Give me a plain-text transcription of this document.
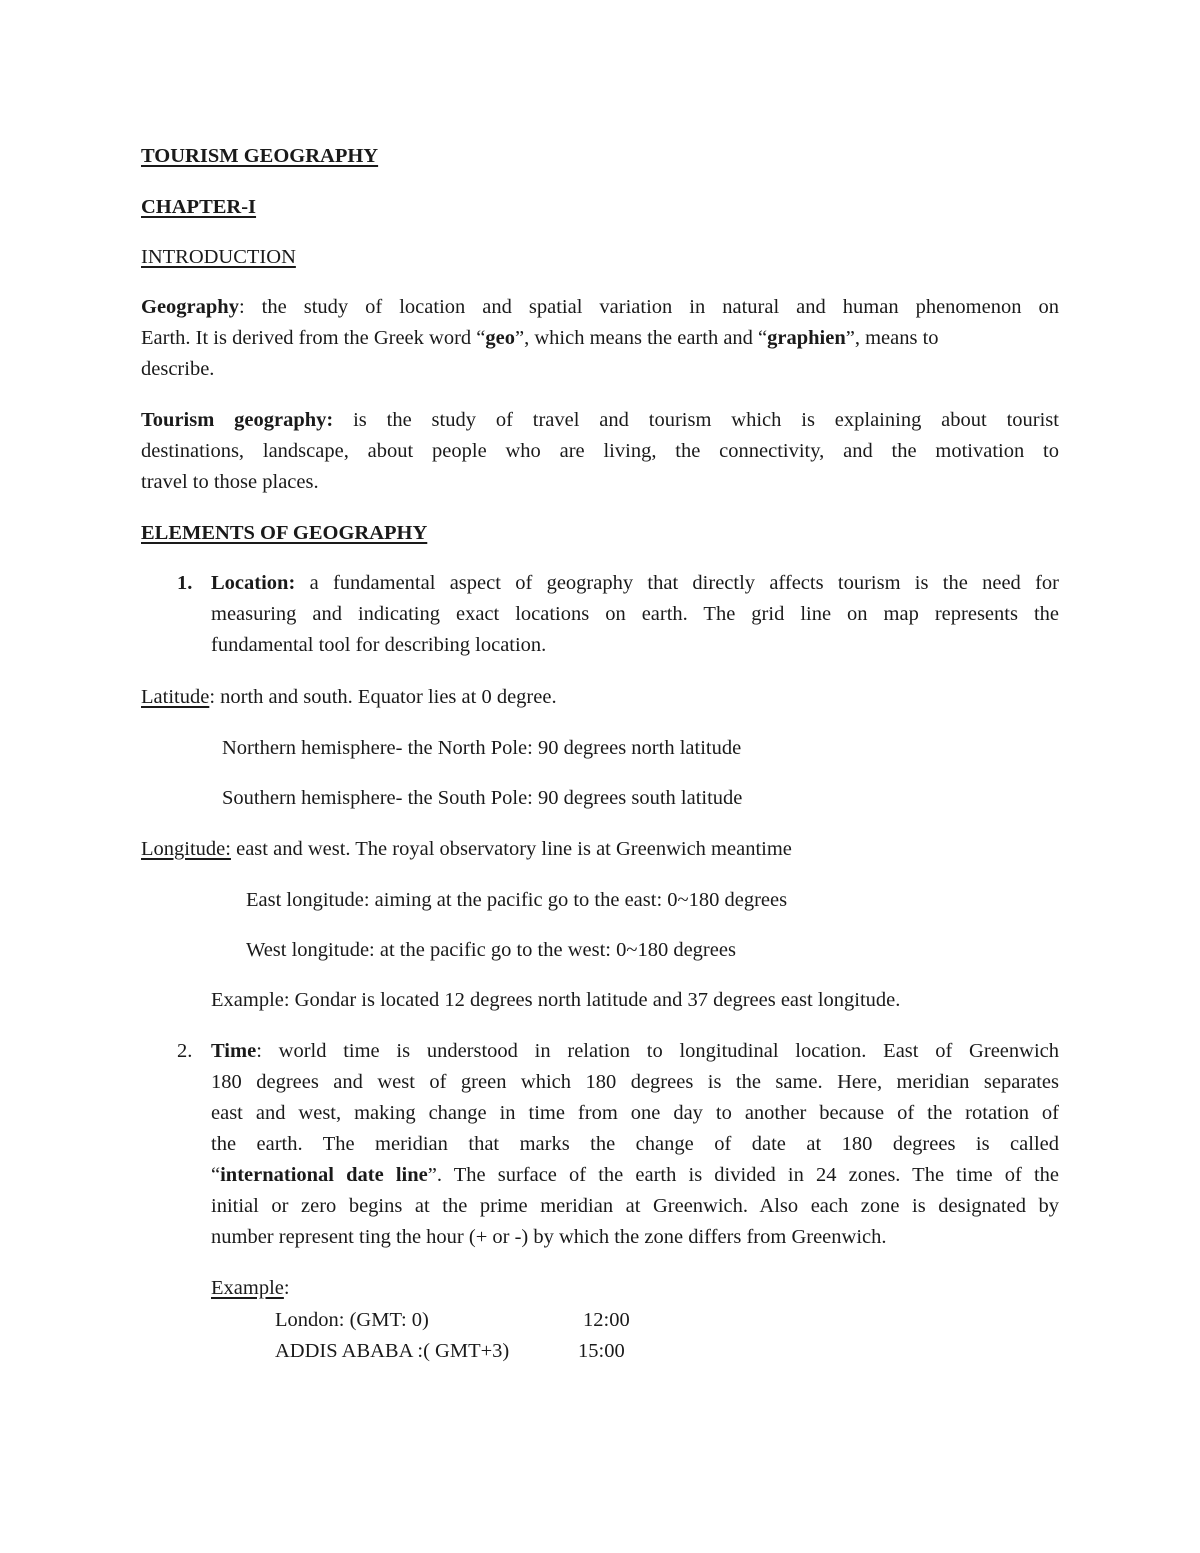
TOURISM GEOGRAPHY
CHAPTER-I
INTRODUCTION
Geography: the study of location and spatial variation in natural and human phenomenon on
Earth. It is derived from the Greek word “geo”, which means the earth and “graphien”, means to
describe.
Tourism geography: is the study of travel and tourism which is explaining about tourist
destinations, landscape, about people who are living, the connectivity, and the motivation to
travel to those places.
ELEMENTS OF GEOGRAPHY
1. Location: a fundamental aspect of geography that directly affects tourism is the need for
measuring and indicating exact locations on earth. The grid line on map represents the
fundamental tool for describing location.
Latitude: north and south. Equator lies at 0 degree.
Northern hemisphere- the North Pole: 90 degrees north latitude
Southern hemisphere- the South Pole: 90 degrees south latitude
Longitude: east and west. The royal observatory line is at Greenwich meantime
East longitude: aiming at the pacific go to the east: 0~180 degrees
West longitude: at the pacific go to the west: 0~180 degrees
Example: Gondar is located 12 degrees north latitude and 37 degrees east longitude.
2. Time: world time is understood in relation to longitudinal location. East of Greenwich
180 degrees and west of green which 180 degrees is the same. Here, meridian separates
east and west, making change in time from one day to another because of the rotation of
the earth. The meridian that marks the change of date at 180 degrees is called
“international date line”. The surface of the earth is divided in 24 zones. The time of the
initial or zero begins at the prime meridian at Greenwich. Also each zone is designated by
number represent ting the hour (+ or -) by which the zone differs from Greenwich.
Example:
London: (GMT: 0)	12:00
ADDIS ABABA :( GMT+3)	15:00
